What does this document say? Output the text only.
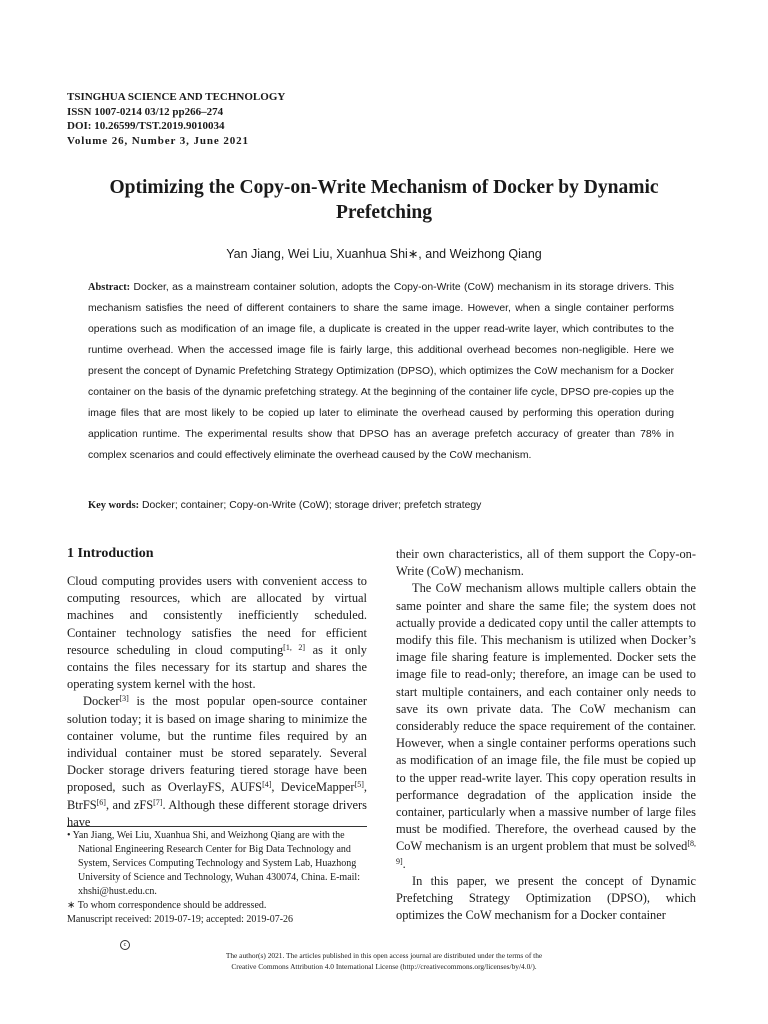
TSINGHUA SCIENCE AND TECHNOLOGY
ISSN 1007-0214 03/12 pp266–274
DOI: 10.26599/TST.2019.9010034
Volume 26, Number 3, June 2021
Optimizing the Copy-on-Write Mechanism of Docker by Dynamic Prefetching
Yan Jiang, Wei Liu, Xuanhua Shi∗, and Weizhong Qiang

Abstract: Docker, as a mainstream container solution, adopts the Copy-on-Write (CoW) mechanism in its storage drivers. This mechanism satisfies the need of different containers to share the same image. However, when a single container performs operations such as modification of an image file, a duplicate is created in the upper read-write layer, which contributes to the runtime overhead. When the accessed image file is fairly large, this additional overhead becomes non-negligible. Here we present the concept of Dynamic Prefetching Strategy Optimization (DPSO), which optimizes the CoW mechanism for a Docker container on the basis of the dynamic prefetching strategy. At the beginning of the container life cycle, DPSO pre-copies up the image files that are most likely to be copied up later to eliminate the overhead caused by performing this operation during application runtime. The experimental results show that DPSO has an average prefetch accuracy of greater than 78% in complex scenarios and could effectively eliminate the overhead caused by the CoW mechanism.

Key words: Docker; container; Copy-on-Write (CoW); storage driver; prefetch strategy

1 Introduction

Cloud computing provides users with convenient access to computing resources, which are allocated by virtual machines and consistently inefficiently scheduled. Container technology satisfies the need for efficient resource scheduling in cloud computing[1, 2] as it only contains the files necessary for its startup and shares the operating system kernel with the host.

Docker[3] is the most popular open-source container solution today; it is based on image sharing to minimize the container volume, but the runtime files required by an individual container must be stored separately. Several Docker storage drivers featuring tiered storage have been proposed, such as OverlayFS, AUFS[4], DeviceMapper[5], BtrFS[6], and zFS[7]. Although these different storage drivers have

• Yan Jiang, Wei Liu, Xuanhua Shi, and Weizhong Qiang are with the National Engineering Research Center for Big Data Technology and System, Services Computing Technology and System Lab, Huazhong University of Science and Technology, Wuhan 430074, China. E-mail: xhshi@hust.edu.cn.

∗ To whom correspondence should be addressed.

Manuscript received: 2019-07-19; accepted: 2019-07-26

their own characteristics, all of them support the Copy-on-Write (CoW) mechanism.

The CoW mechanism allows multiple callers obtain the same pointer and share the same file; the system does not actually provide a dedicated copy until the caller attempts to modify this file. This mechanism is utilized when Docker’s image file sharing feature is implemented. Docker sets the image file to read-only; therefore, an image can be used to start multiple containers, and each container only needs to save its own private data. The CoW mechanism can considerably reduce the space requirement of the container. However, when a single container performs operations such as modification of an image file, the file must be copied up to the upper read-write layer. This copy operation results in performance degradation of the application inside the container, particularly when a massive number of large files must be modified. Therefore, the overhead caused by the CoW mechanism is an urgent problem that must be solved[8, 9].

In this paper, we present the concept of Dynamic Prefetching Strategy Optimization (DPSO), which optimizes the CoW mechanism for a Docker container

c
The author(s) 2021. The articles published in this open access journal are distributed under the terms of the
Creative Commons Attribution 4.0 International License (http://creativecommons.org/licenses/by/4.0/).
